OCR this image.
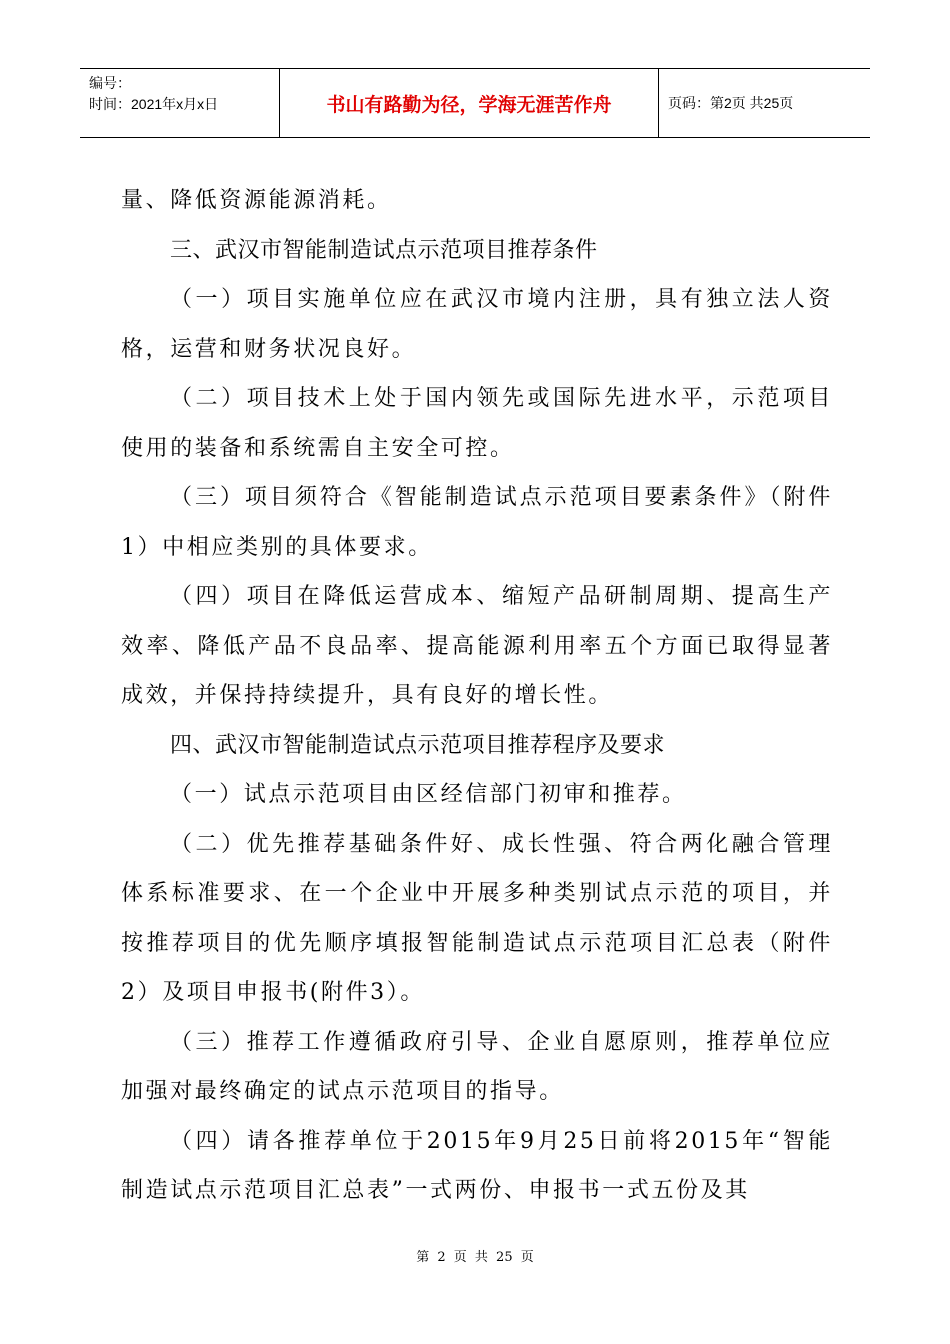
编号：
时间：2021年x月x日	书山有路勤为径，学海无涯苦作舟	页码：第2页 共25页

量、降低资源能源消耗。

三、武汉市智能制造试点示范项目推荐条件

（一）项目实施单位应在武汉市境内注册，具有独立法人资格，运营和财务状况良好。

（二）项目技术上处于国内领先或国际先进水平，示范项目使用的装备和系统需自主安全可控。

（三）项目须符合《智能制造试点示范项目要素条件》（附件1）中相应类别的具体要求。

（四）项目在降低运营成本、缩短产品研制周期、提高生产效率、降低产品不良品率、提高能源利用率五个方面已取得显著成效，并保持持续提升，具有良好的增长性。

四、武汉市智能制造试点示范项目推荐程序及要求

（一）试点示范项目由区经信部门初审和推荐。

（二）优先推荐基础条件好、成长性强、符合两化融合管理体系标准要求、在一个企业中开展多种类别试点示范的项目，并按推荐项目的优先顺序填报智能制造试点示范项目汇总表（附件2）及项目申报书(附件3）。

（三）推荐工作遵循政府引导、企业自愿原则，推荐单位应加强对最终确定的试点示范项目的指导。

（四）请各推荐单位于2015年9月25日前将2015年“智能制造试点示范项目汇总表”一式两份、申报书一式五份及其

第 2 页 共 25 页
